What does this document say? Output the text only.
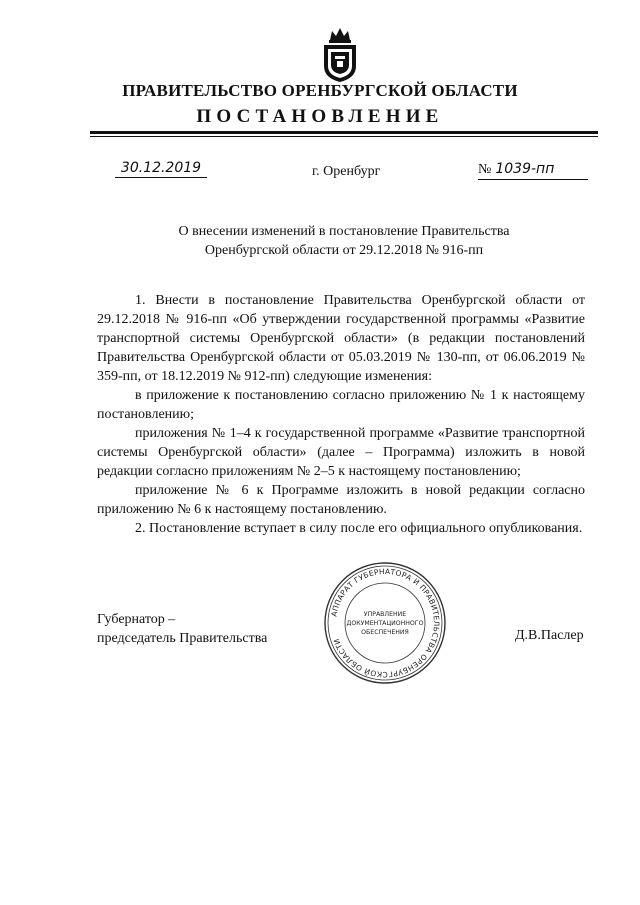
ПРАВИТЕЛЬСТВО ОРЕНБУРГСКОЙ ОБЛАСТИ
ПОСТАНОВЛЕНИЕ
30.12.2019	г. Оренбург	№ 1039-пп
О внесении изменений в постановление Правительства
Оренбургской области от 29.12.2018 № 916-пп

1. Внести в постановление Правительства Оренбургской области от 29.12.2018 № 916-пп «Об утверждении государственной программы «Развитие транспортной системы Оренбургской области» (в редакции постановлений Правительства Оренбургской области от 05.03.2019 № 130-пп, от 06.06.2019 № 359-пп, от 18.12.2019 № 912-пп) следующие изменения:

в приложение к постановлению согласно приложению № 1 к настоящему постановлению;

приложения № 1–4 к государственной программе «Развитие транспортной системы Оренбургской области» (далее – Программа) изложить в новой редакции согласно приложениям № 2–5 к настоящему постановлению;

приложение № 6 к Программе изложить в новой редакции согласно приложению № 6 к настоящему постановлению.

2. Постановление вступает в силу после его официального опубликования.

Губернатор –
председатель Правительства	Д.В.Паслер
АППАРАТ ГУБЕРНАТОРА И ПРАВИТЕЛЬСТВА ОРЕНБУРГСКОЙ ОБЛАСТИ
УПРАВЛЕНИЕ
ДОКУМЕНТАЦИОННОГО
ОБЕСПЕЧЕНИЯ
